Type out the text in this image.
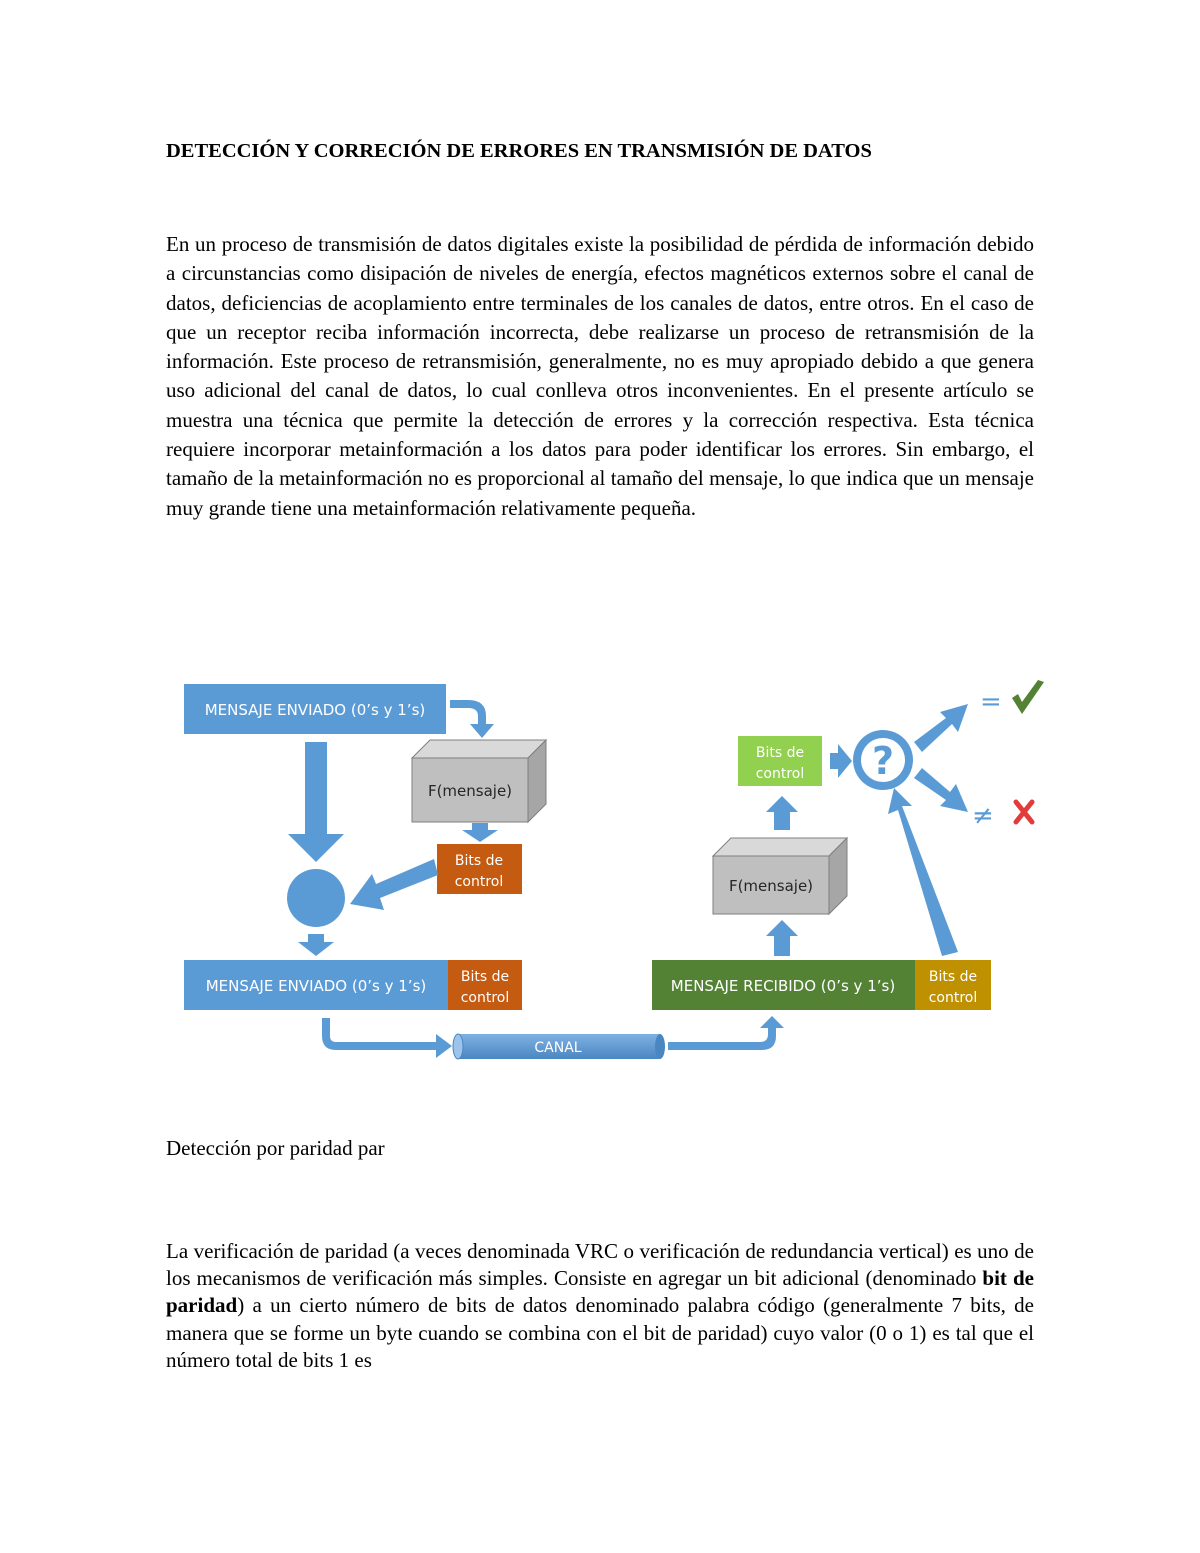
DETECCIÓN Y CORRECIÓN DE ERRORES EN TRANSMISIÓN DE DATOS

En un proceso de transmisión de datos digitales existe la posibilidad de pérdida de información debido a circunstancias como disipación de niveles de energía, efectos magnéticos externos sobre el canal de datos, deficiencias de acoplamiento entre terminales de los canales de datos, entre otros. En el caso de que un receptor reciba información incorrecta, debe realizarse un proceso de retransmisión de la información. Este proceso de retransmisión, generalmente, no es muy apropiado debido a que genera uso adicional del canal de datos, lo cual conlleva otros inconvenientes. En el presente artículo se muestra una técnica que permite la detección de errores y la corrección respectiva. Esta técnica requiere incorporar metainformación a los datos para poder identificar los errores. Sin embargo, el tamaño de la metainformación no es proporcional al tamaño del mensaje, lo que indica que un mensaje muy grande tiene una metainformación relativamente pequeña.

MENSAJE ENVIADO (0’s y 1’s)
F(mensaje)
Bits de
control
MENSAJE ENVIADO (0’s y 1’s) Bits de
control
CANAL
MENSAJE RECIBIDO (0’s y 1’s) Bits de
control
F(mensaje)
Bits de
control ?
=
≠
Detección por paridad par

La verificación de paridad (a veces denominada VRC o verificación de redundancia vertical) es uno de los mecanismos de verificación más simples. Consiste en agregar un bit adicional (denominado bit de paridad) a un cierto número de bits de datos denominado palabra código (generalmente 7 bits, de manera que se forme un byte cuando se combina con el bit de paridad) cuyo valor (0 o 1) es tal que el número total de bits 1 es
